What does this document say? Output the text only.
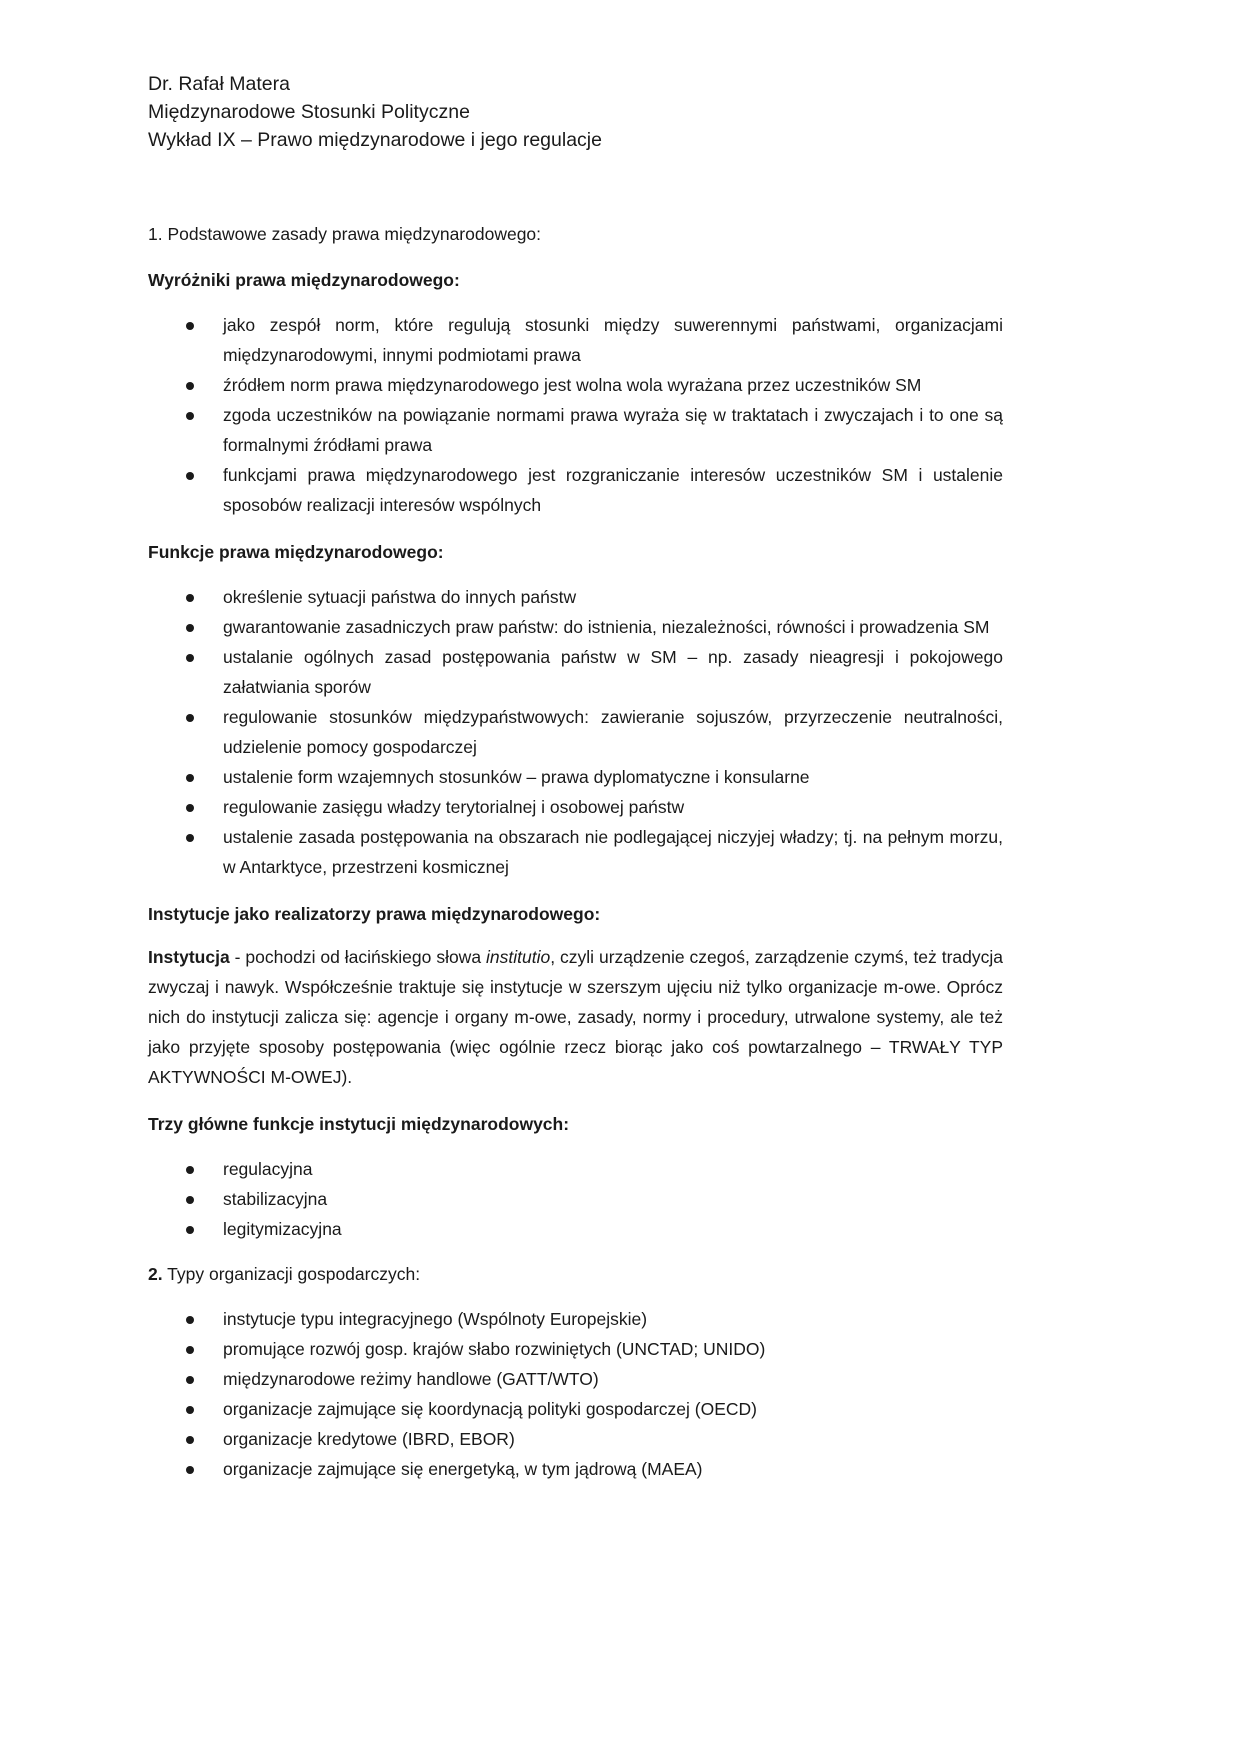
Dr. Rafał Matera

Międzynarodowe Stosunki Polityczne

Wykład IX – Prawo międzynarodowe i jego regulacje

1. Podstawowe zasady prawa międzynarodowego:

Wyróżniki prawa międzynarodowego:

jako zespół norm, które regulują stosunki między suwerennymi państwami, organizacjami międzynarodowymi, innymi podmiotami prawa
źródłem norm prawa międzynarodowego jest wolna wola wyrażana przez uczestników SM
zgoda uczestników na powiązanie normami prawa wyraża się w traktatach i zwyczajach i to one są formalnymi źródłami prawa
funkcjami prawa międzynarodowego jest rozgraniczanie interesów uczestników SM i ustalenie sposobów realizacji interesów wspólnych

Funkcje prawa międzynarodowego:

określenie sytuacji państwa do innych państw
gwarantowanie zasadniczych praw państw: do istnienia, niezależności, równości i prowadzenia SM
ustalanie ogólnych zasad postępowania państw w SM – np. zasady nieagresji i pokojowego załatwiania sporów
regulowanie stosunków międzypaństwowych: zawieranie sojuszów, przyrzeczenie neutralności, udzielenie pomocy gospodarczej
ustalenie form wzajemnych stosunków – prawa dyplomatyczne i konsularne
regulowanie zasięgu władzy terytorialnej i osobowej państw
ustalenie zasada postępowania na obszarach nie podlegającej niczyjej władzy; tj. na pełnym morzu, w Antarktyce, przestrzeni kosmicznej

Instytucje jako realizatorzy prawa międzynarodowego:

Instytucja - pochodzi od łacińskiego słowa institutio, czyli urządzenie czegoś, zarządzenie czymś, też tradycja zwyczaj i nawyk. Współcześnie traktuje się instytucje w szerszym ujęciu niż tylko organizacje m-owe. Oprócz nich do instytucji zalicza się: agencje i organy m-owe, zasady, normy i procedury, utrwalone systemy, ale też jako przyjęte sposoby postępowania (więc ogólnie rzecz biorąc jako coś powtarzalnego – TRWAŁY TYP AKTYWNOŚCI M-OWEJ).

Trzy główne funkcje instytucji międzynarodowych:

regulacyjna
stabilizacyjna
legitymizacyjna

2. Typy organizacji gospodarczych:

instytucje typu integracyjnego (Wspólnoty Europejskie)
promujące rozwój gosp. krajów słabo rozwiniętych (UNCTAD; UNIDO)
międzynarodowe reżimy handlowe (GATT/WTO)
organizacje zajmujące się koordynacją polityki gospodarczej (OECD)
organizacje kredytowe (IBRD, EBOR)
organizacje zajmujące się energetyką, w tym jądrową (MAEA)
